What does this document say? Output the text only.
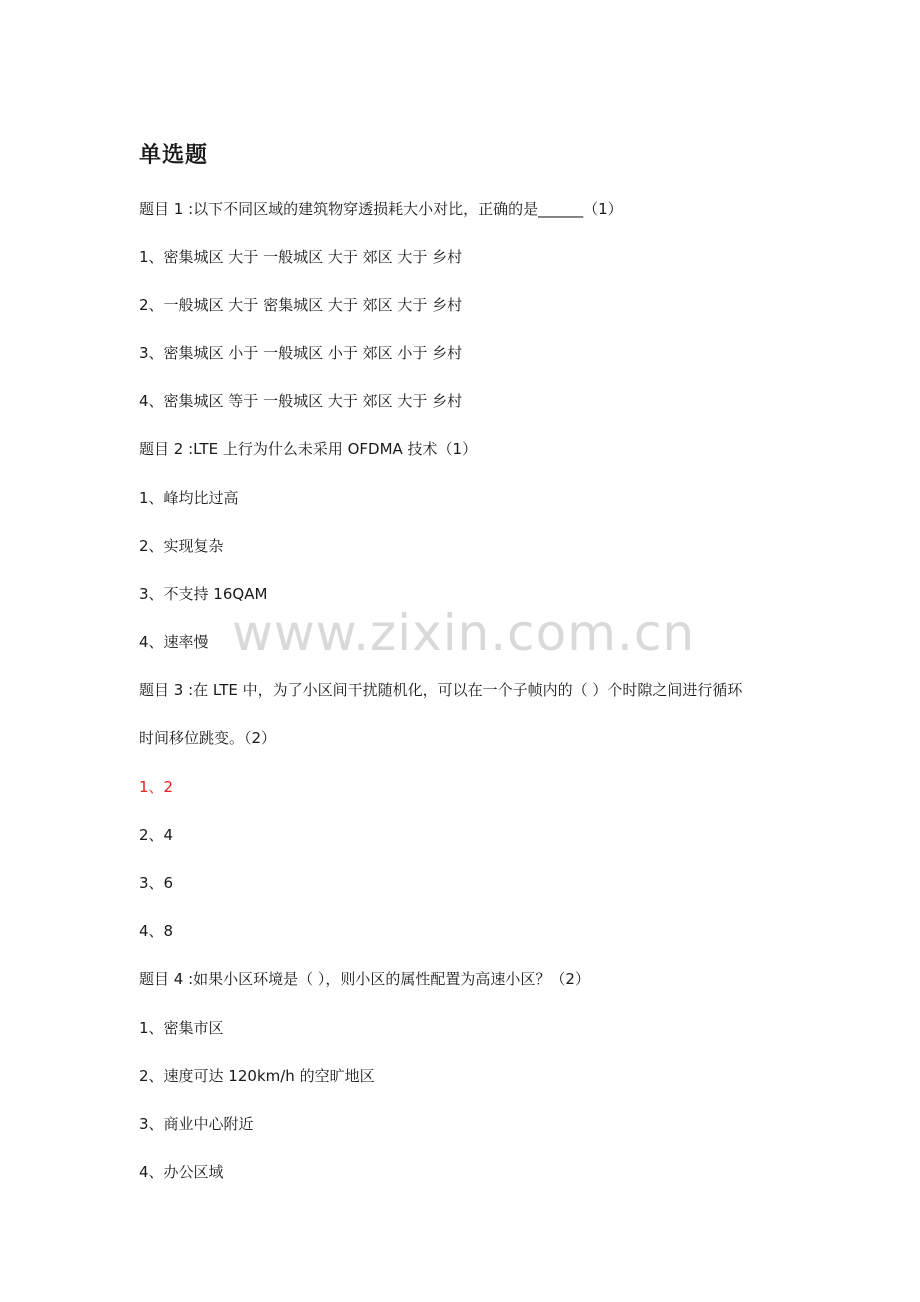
单选题
题目 1 :以下不同区域的建筑物穿透损耗大小对比，正确的是______（1）
1、密集城区 大于 一般城区 大于 郊区 大于 乡村
2、一般城区 大于 密集城区 大于 郊区 大于 乡村
3、密集城区 小于 一般城区 小于 郊区 小于 乡村
4、密集城区 等于 一般城区 大于 郊区 大于 乡村
题目 2 :LTE 上行为什么未采用 OFDMA 技术（1）
1、峰均比过高
2、实现复杂
3、不支持 16QAM
4、速率慢
题目 3 :在 LTE 中，为了小区间干扰随机化，可以在一个子帧内的（ ）个时隙之间进行循环
时间移位跳变。（2）
1、2
2、4
3、6
4、8
题目 4 :如果小区环境是（ ），则小区的属性配置为高速小区？（2）
1、密集市区
2、速度可达 120km/h 的空旷地区
3、商业中心附近
4、办公区域
www.zixin.com.cn
